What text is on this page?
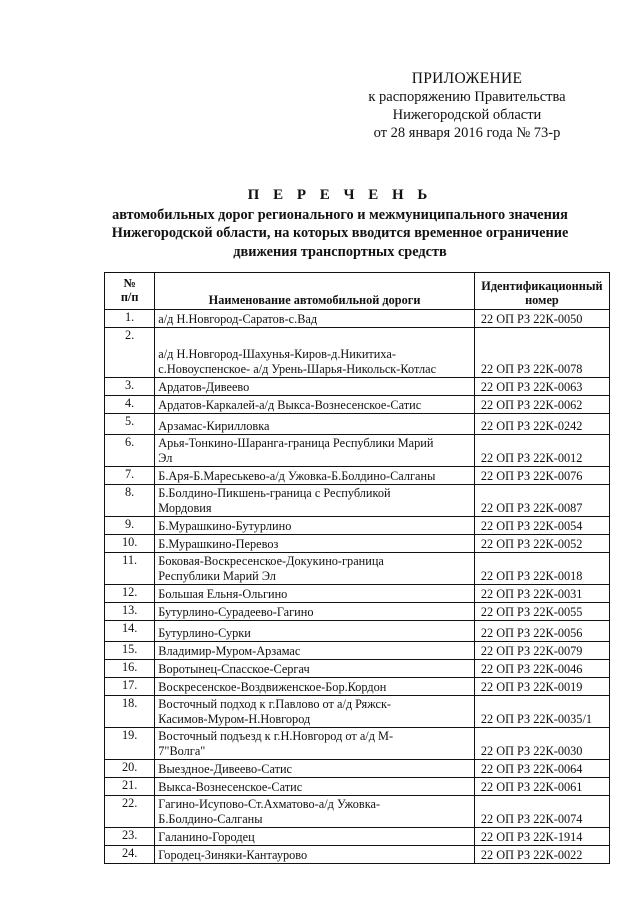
ПРИЛОЖЕНИЕ
к распоряжению Правительства
Нижегородской области
от 28 января 2016 года № 73-р
П Е Р Е Ч Е Н Ь
автомобильных дорог регионального и межмуниципального значения
Нижегородской области, на которых вводится временное ограничение
движения транспортных средств
№
п/п	Наименование автомобильной дороги	Идентификационный номер
1.	а/д Н.Новгород-Саратов-с.Вад	22 ОП РЗ 22К-0050
2.	а/д Н.Новгород-Шахунья-Киров-д.Никитиха-
с.Новоуспенское- а/д Урень-Шарья-Никольск-Котлас	22 ОП РЗ 22К-0078
3.	Ардатов-Дивеево	22 ОП РЗ 22К-0063
4.	Ардатов-Каркалей-а/д Выкса-Вознесенское-Сатис	22 ОП РЗ 22К-0062
5.	Арзамас-Кирилловка	22 ОП РЗ 22К-0242
6.	Арья-Тонкино-Шаранга-граница Республики Марий
Эл	22 ОП РЗ 22К-0012
7.	Б.Аря-Б.Мареськево-а/д Ужовка-Б.Болдино-Салганы	22 ОП РЗ 22К-0076
8.	Б.Болдино-Пикшень-граница с Республикой
Мордовия	22 ОП РЗ 22К-0087
9.	Б.Мурашкино-Бутурлино	22 ОП РЗ 22К-0054
10.	Б.Мурашкино-Перевоз	22 ОП РЗ 22К-0052
11.	Боковая-Воскресенское-Докукино-граница
Республики Марий Эл	22 ОП РЗ 22К-0018
12.	Большая Ельня-Ольгино	22 ОП РЗ 22К-0031
13.	Бутурлино-Сурадеево-Гагино	22 ОП РЗ 22К-0055
14.	Бутурлино-Сурки	22 ОП РЗ 22К-0056
15.	Владимир-Муром-Арзамас	22 ОП РЗ 22К-0079
16.	Воротынец-Спасское-Сергач	22 ОП РЗ 22К-0046
17.	Воскресенское-Воздвиженское-Бор.Кордон	22 ОП РЗ 22К-0019
18.	Восточный подход к г.Павлово от а/д Ряжск-
Касимов-Муром-Н.Новгород	22 ОП РЗ 22К-0035/1
19.	Восточный подъезд к г.Н.Новгород от а/д М-
7"Волга"	22 ОП РЗ 22К-0030
20.	Выездное-Дивеево-Сатис	22 ОП РЗ 22К-0064
21.	Выкса-Вознесенское-Сатис	22 ОП РЗ 22К-0061
22.	Гагино-Исупово-Ст.Ахматово-а/д Ужовка-
Б.Болдино-Салганы	22 ОП РЗ 22К-0074
23.	Галанино-Городец	22 ОП РЗ 22К-1914
24.	Городец-Зиняки-Кантаурово	22 ОП РЗ 22К-0022
